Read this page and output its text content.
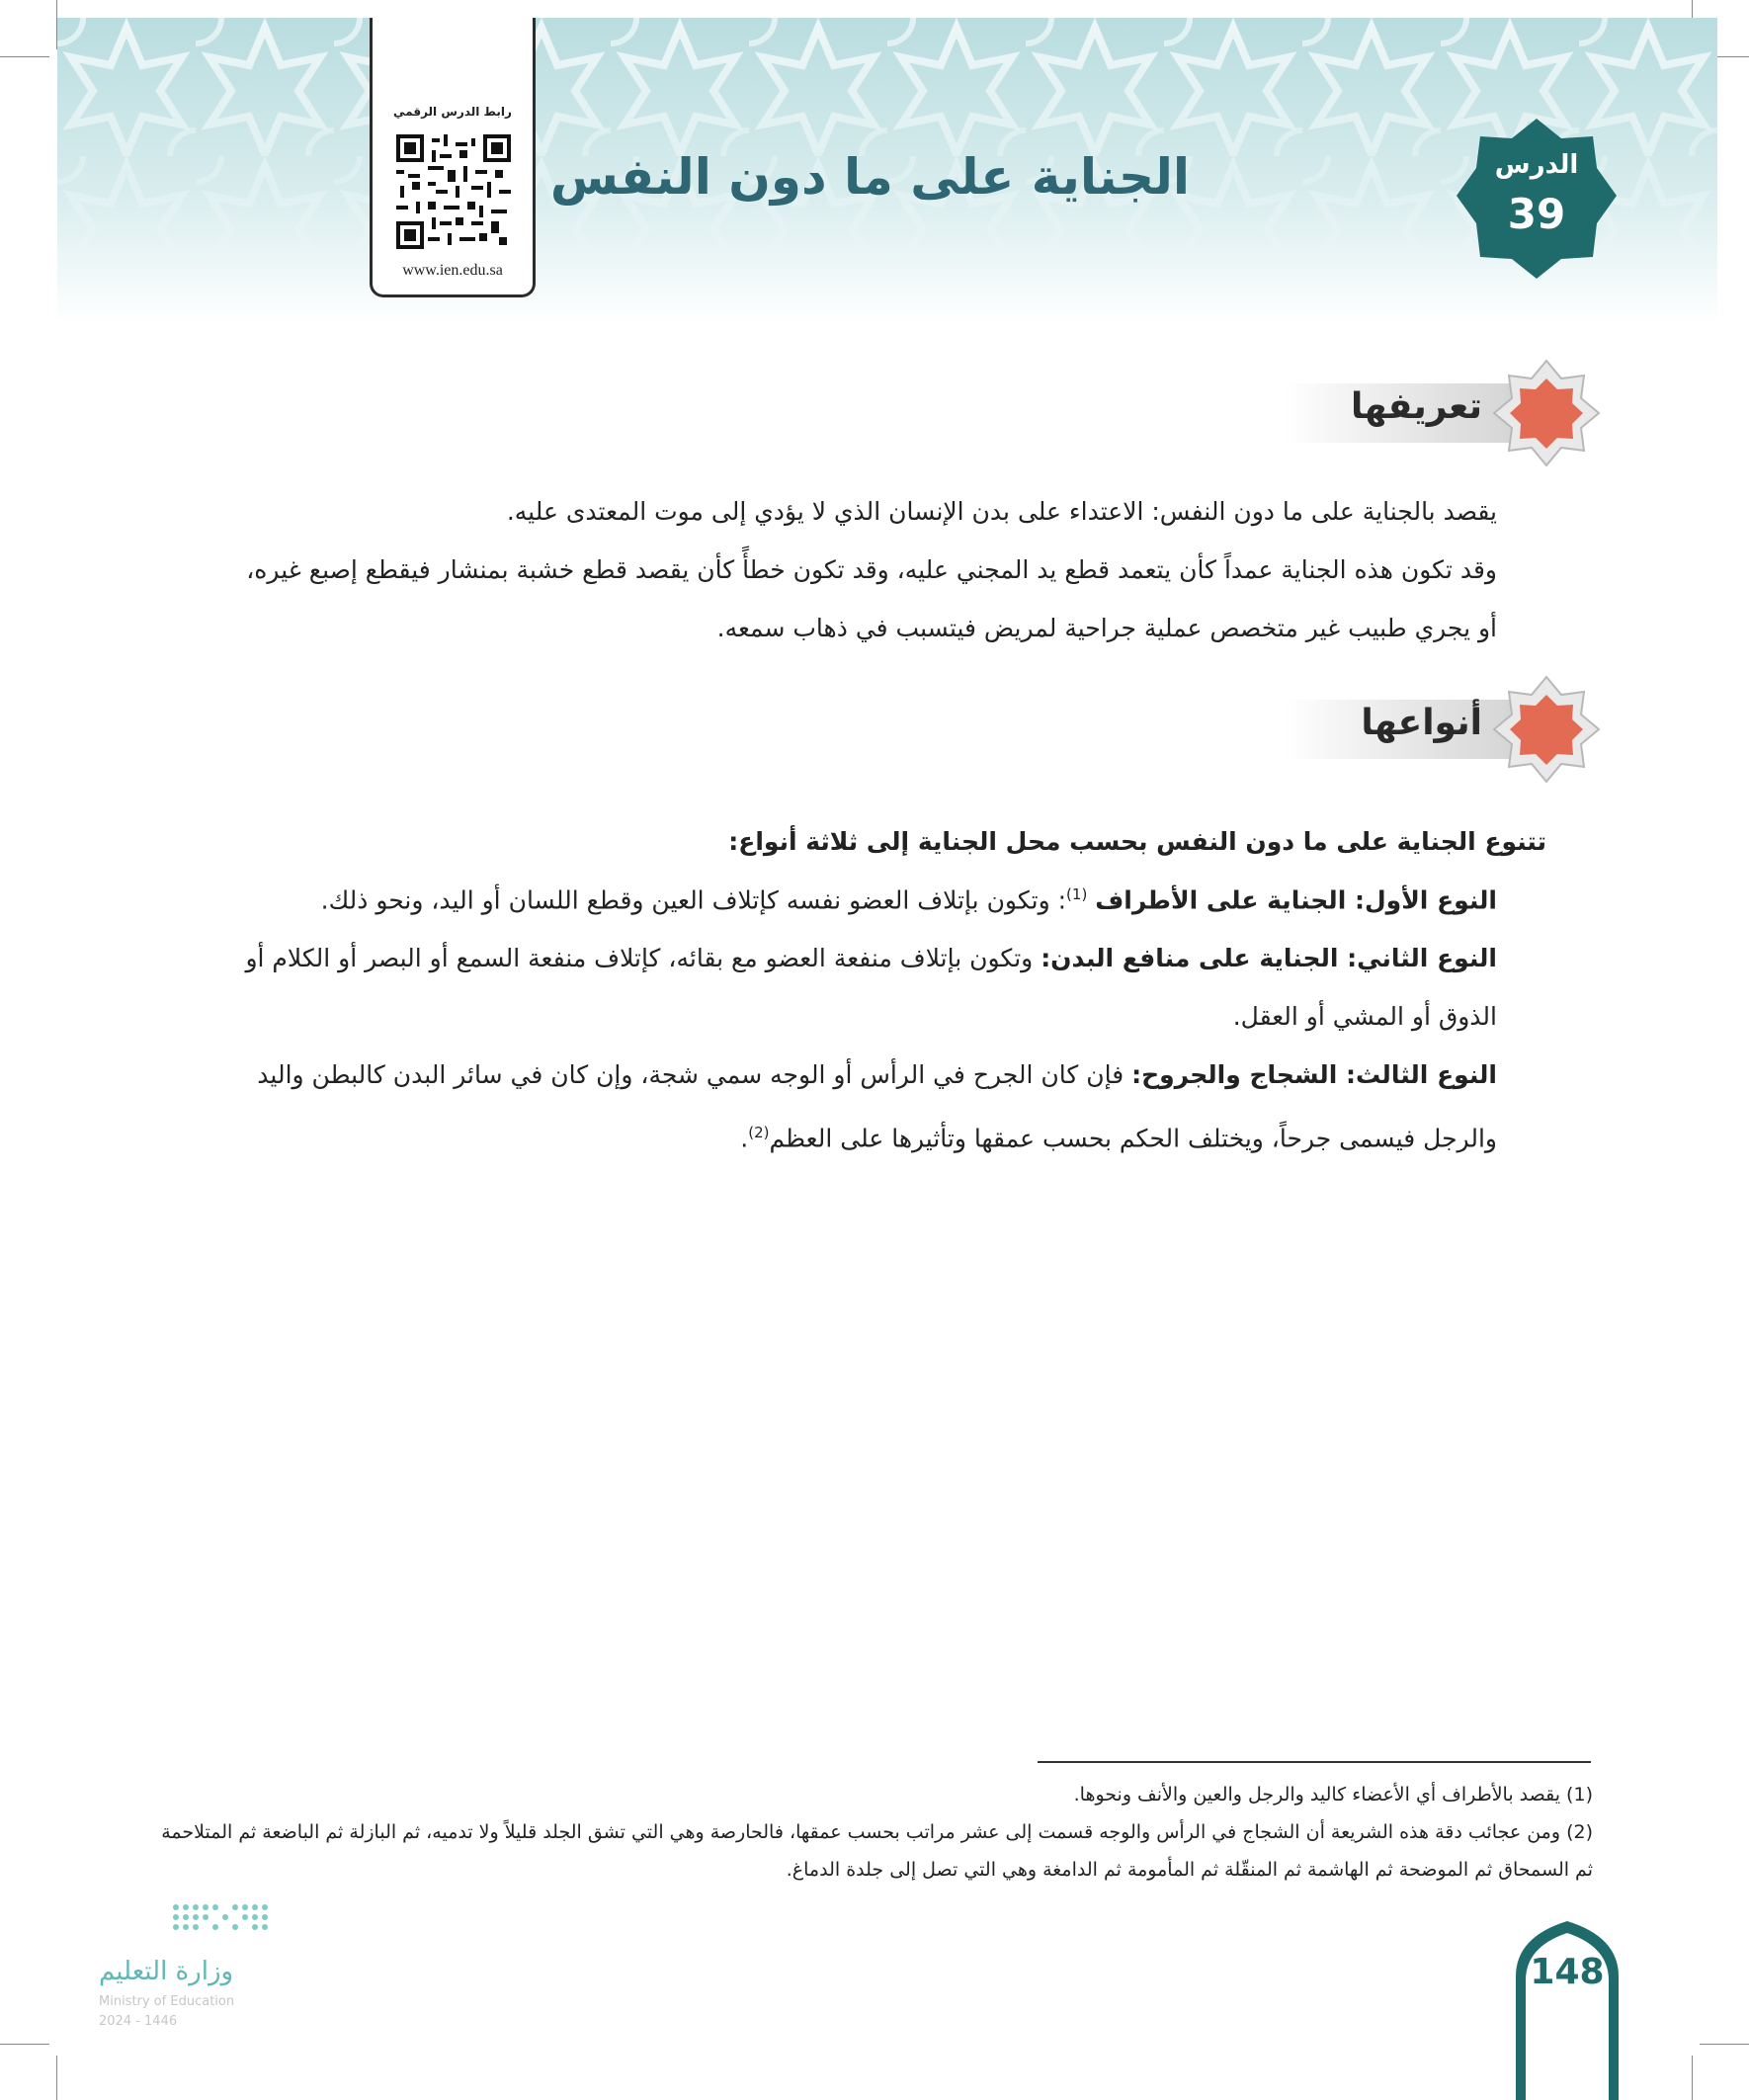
رابط الدرس الرقمي
www.ien.edu.sa
الجناية على ما دون النفس	الدرس
39
تعريفها

يقصد بالجناية على ما دون النفس: الاعتداء على بدن الإنسان الذي لا يؤدي إلى موت المعتدى عليه.

وقد تكون هذه الجناية عمداً كأن يتعمد قطع يد المجني عليه، وقد تكون خطأً كأن يقصد قطع خشبة بمنشار فيقطع إصبع غيره، أو يجري طبيب غير متخصص عملية جراحية لمريض فيتسبب في ذهاب سمعه.

أنواعها
تتنوع الجناية على ما دون النفس بحسب محل الجناية إلى ثلاثة أنواع:

النوع الأول: الجناية على الأطراف $^{(1)}$: وتكون بإتلاف العضو نفسه كإتلاف العين وقطع اللسان أو اليد، ونحو ذلك.

النوع الثاني: الجناية على منافع البدن: وتكون بإتلاف منفعة العضو مع بقائه، كإتلاف منفعة السمع أو البصر أو الكلام أو الذوق أو المشي أو العقل.

النوع الثالث: الشجاج والجروح: فإن كان الجرح في الرأس أو الوجه سمي شجة، وإن كان في سائر البدن كالبطن واليد والرجل فيسمى جرحاً، ويختلف الحكم بحسب عمقها وتأثيرها على العظم$^{(2)}$.

(1) يقصد بالأطراف أي الأعضاء كاليد والرجل والعين والأنف ونحوها.

(2) ومن عجائب دقة هذه الشريعة أن الشجاج في الرأس والوجه قسمت إلى عشر مراتب بحسب عمقها، فالحارصة وهي التي تشق الجلد قليلاً ولا تدميه، ثم البازلة ثم الباضعة ثم المتلاحمة ثم السمحاق ثم الموضحة ثم الهاشمة ثم المنقّلة ثم المأمومة ثم الدامغة وهي التي تصل إلى جلدة الدماغ.

وزارة التعليم
Ministry of Education
2024 - 1446
148
